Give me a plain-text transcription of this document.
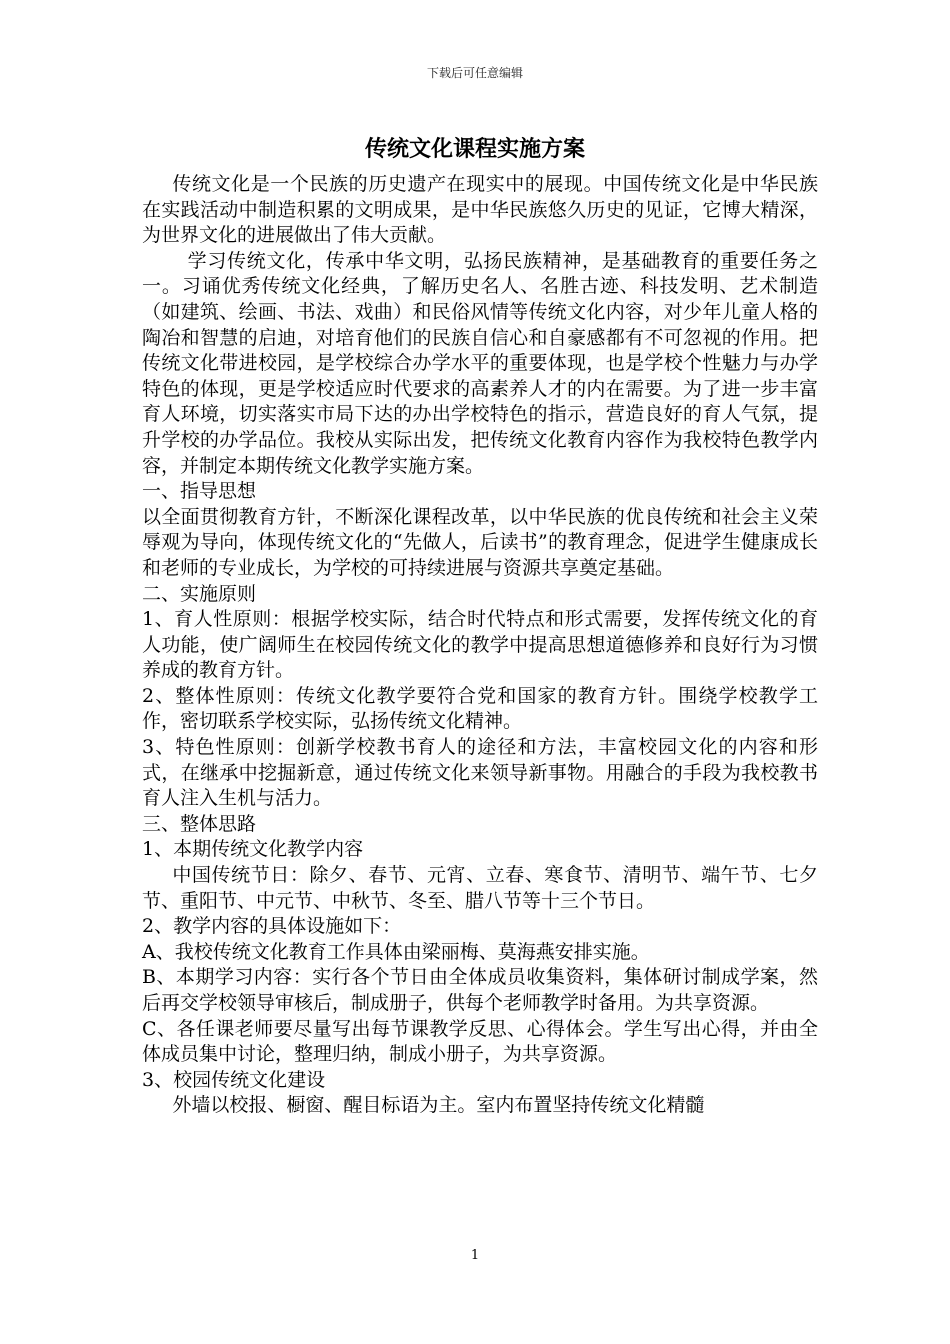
下载后可任意编辑
传统文化课程实施方案

传统文化是一个民族的历史遗产在现实中的展现。中国传统文化是中华民族在实践活动中制造积累的文明成果，是中华民族悠久历史的见证，它博大精深，为世界文化的进展做出了伟大贡献。

学习传统文化，传承中华文明，弘扬民族精神，是基础教育的重要任务之一。习诵优秀传统文化经典，了解历史名人、名胜古迹、科技发明、艺术制造（如建筑、绘画、书法、戏曲）和民俗风情等传统文化内容，对少年儿童人格的陶冶和智慧的启迪，对培育他们的民族自信心和自豪感都有不可忽视的作用。把传统文化带进校园，是学校综合办学水平的重要体现，也是学校个性魅力与办学特色的体现，更是学校适应时代要求的高素养人才的内在需要。为了进一步丰富育人环境，切实落实市局下达的办出学校特色的指示，营造良好的育人气氛，提升学校的办学品位。我校从实际出发，把传统文化教育内容作为我校特色教学内容，并制定本期传统文化教学实施方案。

一、指导思想

以全面贯彻教育方针，不断深化课程改革，以中华民族的优良传统和社会主义荣辱观为导向，体现传统文化的“先做人，后读书”的教育理念，促进学生健康成长和老师的专业成长，为学校的可持续进展与资源共享奠定基础。

二、实施原则

1、育人性原则：根据学校实际，结合时代特点和形式需要，发挥传统文化的育人功能，使广阔师生在校园传统文化的教学中提高思想道德修养和良好行为习惯养成的教育方针。

2、整体性原则：传统文化教学要符合党和国家的教育方针。围绕学校教学工作，密切联系学校实际，弘扬传统文化精神。

3、特色性原则：创新学校教书育人的途径和方法，丰富校园文化的内容和形式，在继承中挖掘新意，通过传统文化来领导新事物。用融合的手段为我校教书育人注入生机与活力。

三、整体思路

1、本期传统文化教学内容

中国传统节日：除夕、春节、元宵、立春、寒食节、清明节、端午节、七夕节、重阳节、中元节、中秋节、冬至、腊八节等十三个节日。

2、教学内容的具体设施如下：

A、我校传统文化教育工作具体由梁丽梅、莫海燕安排实施。

B、本期学习内容：实行各个节日由全体成员收集资料，集体研讨制成学案，然后再交学校领导审核后，制成册子，供每个老师教学时备用。为共享资源。

C、各任课老师要尽量写出每节课教学反思、心得体会。学生写出心得，并由全体成员集中讨论，整理归纳，制成小册子，为共享资源。

3、校园传统文化建设

外墙以校报、橱窗、醒目标语为主。室内布置坚持传统文化精髓

1
